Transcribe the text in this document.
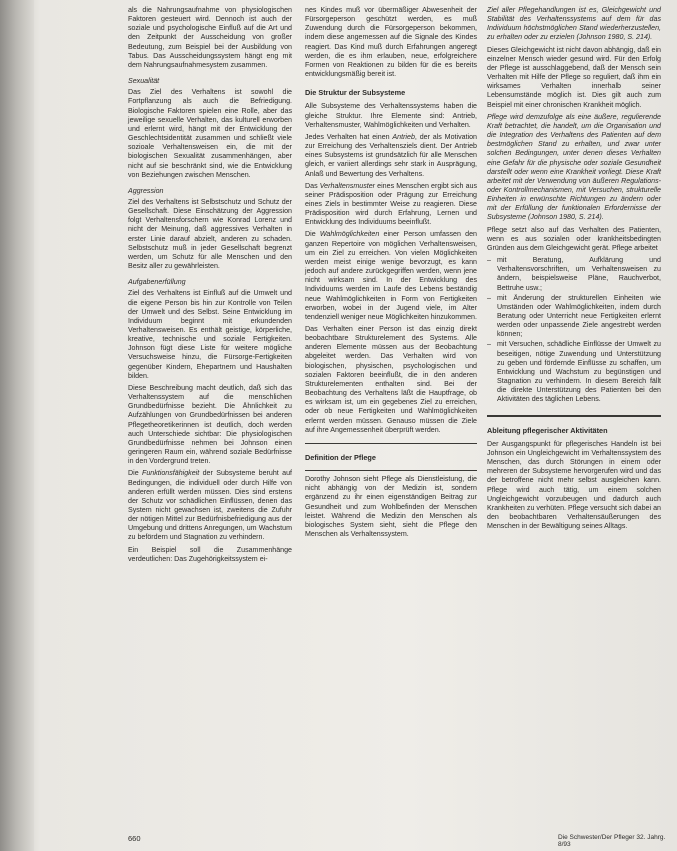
als die Nahrungsaufnahme von physiologischen Faktoren gesteuert wird. Dennoch ist auch der soziale und psychologische Einfluß auf die Art und den Zeitpunkt der Ausscheidung von großer Bedeutung, zum Beispiel bei der Ausbildung von Tabus. Das Ausscheidungssystem hängt eng mit dem Nahrungsaufnahmesystem zusammen.

Sexualität

Das Ziel des Verhaltens ist sowohl die Fortpflanzung als auch die Befriedigung. Biologische Faktoren spielen eine Rolle, aber das jeweilige sexuelle Verhalten, das kulturell erworben und erlernt wird, hängt mit der Entwicklung der Geschlechtsidentität zusammen und schließt viele sozioale Verhaltensweisen ein, die mit der biologischen Sexualität zusammenhängen, aber nicht auf sie beschränkt sind, wie die Entwicklung von Beziehungen zwischen Menschen.

Aggression

Ziel des Verhaltens ist Selbstschutz und Schutz der Gesellschaft. Diese Einschätzung der Aggression folgt Verhaltensforschern wie Konrad Lorenz und nicht der Meinung, daß aggressives Verhalten in erster Linie darauf abzielt, anderen zu schaden. Selbstschutz muß in jeder Gesellschaft begrenzt werden, um Schutz für alle Menschen und den Besitz aller zu gewährleisten.

Aufgabenerfüllung

Ziel des Verhaltens ist Einfluß auf die Umwelt und die eigene Person bis hin zur Kontrolle von Teilen der Umwelt und des Selbst. Seine Entwicklung im Individuum beginnt mit erkundenden Verhaltensweisen. Es enthält geistige, körperliche, kreative, technische und soziale Fertigkeiten. Johnson fügt diese Liste für weitere mögliche Versuchsweise hinzu, die Fürsorge-Fertigkeiten gegenüber Kindern, Ehepartnern und Haushalten bilden.

Diese Beschreibung macht deutlich, daß sich das Verhaltenssystem auf die menschlichen Grundbedürfnisse bezieht. Die Ähnlichkeit zu Aufzählungen von Grundbedürfnissen bei anderen Pflegetheoretikerinnen ist deutlich, doch werden auch Unterschiede sichtbar: Die physiologischen Grundbedürfnisse nehmen bei Johnson einen geringeren Raum ein, während soziale Bedürfnisse in den Vordergrund treten.

Die Funktionsfähigkeit der Subsysteme beruht auf Bedingungen, die individuell oder durch Hilfe von anderen erfüllt werden müssen. Dies sind erstens der Schutz vor schädlichen Einflüssen, denen das System nicht gewachsen ist, zweitens die Zufuhr der nötigen Mittel zur Bedürfnisbefriedigung aus der Umgebung und drittens Anregungen, um Wachstum zu befördern und Stagnation zu verhindern.

Ein Beispiel soll die Zusammenhänge verdeutlichen: Das Zugehörigkeitssystem ei-

nes Kindes muß vor übermäßiger Abwesenheit der Fürsorgeperson geschützt werden, es muß Zuwendung durch die Fürsorgeperson bekommen, indem diese angemessen auf die Signale des Kindes reagiert. Das Kind muß durch Erfahrungen angeregt werden, die es ihm erlauben, neue, erfolgreichere Formen von Reaktionen zu bilden für die es bereits entwicklungsmäßig bereit ist.

Die Struktur der Subsysteme

Alle Subsysteme des Verhaltenssystems haben die gleiche Struktur. Ihre Elemente sind: Antrieb, Verhaltensmuster, Wahlmöglichkeiten und Verhalten.

Jedes Verhalten hat einen Antrieb, der als Motivation zur Erreichung des Verhaltensziels dient. Der Antrieb eines Subsystems ist grundsätzlich für alle Menschen gleich, er variiert allerdings sehr stark in Ausprägung, Anlaß und Bewertung des Verhaltens.

Das Verhaltensmuster eines Menschen ergibt sich aus seiner Prädisposition oder Prägung zur Erreichung eines Ziels in bestimmter Weise zu reagieren. Diese Prädisposition wird durch Erfahrung, Lernen und Entwicklung des Individuums beeinflußt.

Die Wahlmöglichkeiten einer Person umfassen den ganzen Repertoire von möglichen Verhaltensweisen, um ein Ziel zu erreichen. Von vielen Möglichkeiten werden meist einige wenige bevorzugt, es kann jedoch auf andere zurückgegriffen werden, wenn jene nicht wirksam sind. In der Entwicklung des Individuums werden im Laufe des Lebens beständig neue Wahlmöglichkeiten in Form von Fertigkeiten erworben, wobei in der Jugend viele, im Alter tendenziell weniger neue Möglichkeiten hinzukommen.

Das Verhalten einer Person ist das einzig direkt beobachtbare Strukturelement des Systems. Alle anderen Elemente müssen aus der Beobachtung abgeleitet werden. Das Verhalten wird von biologischen, physischen, psychologischen und sozialen Faktoren beeinflußt, die in den anderen Strukturelementen enthalten sind. Bei der Beobachtung des Verhaltens läßt die Hauptfrage, ob es wirksam ist, um ein gegebenes Ziel zu erreichen, oder ob neue Fertigkeiten und Wahlmöglichkeiten erlernt werden müssen. Genauso müssen die Ziele auf ihre Angemessenheit überprüft werden.

Definition der Pflege

Dorothy Johnson sieht Pflege als Dienstleistung, die nicht abhängig von der Medizin ist, sondern ergänzend zu ihr einen eigenständigen Beitrag zur Gesundheit und zum Wohlbefinden der Menschen leistet. Während die Medizin den Menschen als biologisches System sieht, sieht die Pflege den Menschen als Verhaltenssystem.

Ziel aller Pflegehandlungen ist es, Gleichgewicht und Stabilität des Verhaltenssystems auf dem für das Individuum höchstmöglichen Stand wiederherzustellen, zu erhalten oder zu erzielen (Johnson 1980, S. 214).

Dieses Gleichgewicht ist nicht davon abhängig, daß ein einzelner Mensch wieder gesund wird. Für den Erfolg der Pflege ist ausschlaggebend, daß der Mensch sein Verhalten mit Hilfe der Pflege so reguliert, daß ihm ein wirksames Verhalten innerhalb seiner Lebensumstände möglich ist. Dies gilt auch zum Beispiel mit einer chronischen Krankheit möglich.

Pflege wird demzufolge als eine äußere, regulierende Kraft betrachtet, die handelt, um die Organisation und die Integration des Verhaltens des Patienten auf dem bestmöglichen Stand zu erhalten, und zwar unter solchen Bedingungen, unter denen dieses Verhalten eine Gefahr für die physische oder soziale Gesundheit darstellt oder wenn eine Krankheit vorliegt. Diese Kraft arbeitet mit der Verwendung von äußeren Regulations- oder Kontrollmechanismen, mit Versuchen, strukturelle Einheiten in erwünschte Richtungen zu ändern oder mit der Erfüllung der funktionalen Erfordernisse der Subsysteme (Johnson 1980, S. 214).

Pflege setzt also auf das Verhalten des Patienten, wenn es aus sozialen oder krankheitsbedingten Gründen aus dem Gleichgewicht gerät. Pflege arbeitet

– mit Beratung, Aufklärung und Verhaltensvorschriften, um Verhaltensweisen zu ändern, beispielsweise Pläne, Rauchverbot, Bettruhe usw.;
– mit Änderung der strukturellen Einheiten wie Umständen oder Wahlmöglichkeiten, indem durch Beratung oder Unterricht neue Fertigkeiten erlernt werden oder unpassende Ziele angestrebt werden können;
– mit Versuchen, schädliche Einflüsse der Umwelt zu beseitigen, nötige Zuwendung und Unterstützung zu geben und fördernde Einflüsse zu schaffen, um Entwicklung und Wachstum zu begünstigen und Stagnation zu verhindern. In diesem Bereich fällt die direkte Unterstützung des Patienten bei den Aktivitäten des täglichen Lebens.
Ableitung pflegerischer Aktivitäten

Der Ausgangspunkt für pflegerisches Handeln ist bei Johnson ein Ungleichgewicht im Verhaltenssystem des Menschen, das durch Störungen in einem oder mehreren der Subsysteme hervorgerufen wird und das der betroffene nicht mehr selbst ausgleichen kann. Pflege wird auch tätig, um einem solchen Ungleichgewicht vorzubeugen und dadurch auch Krankheiten zu verhüten. Pflege versucht sich dabei an den beobachtbaren Verhaltensäußerungen des Menschen in der Bewältigung seines Alltags.

660	Die Schwester/Der Pfleger 32. Jahrg. 8/93
